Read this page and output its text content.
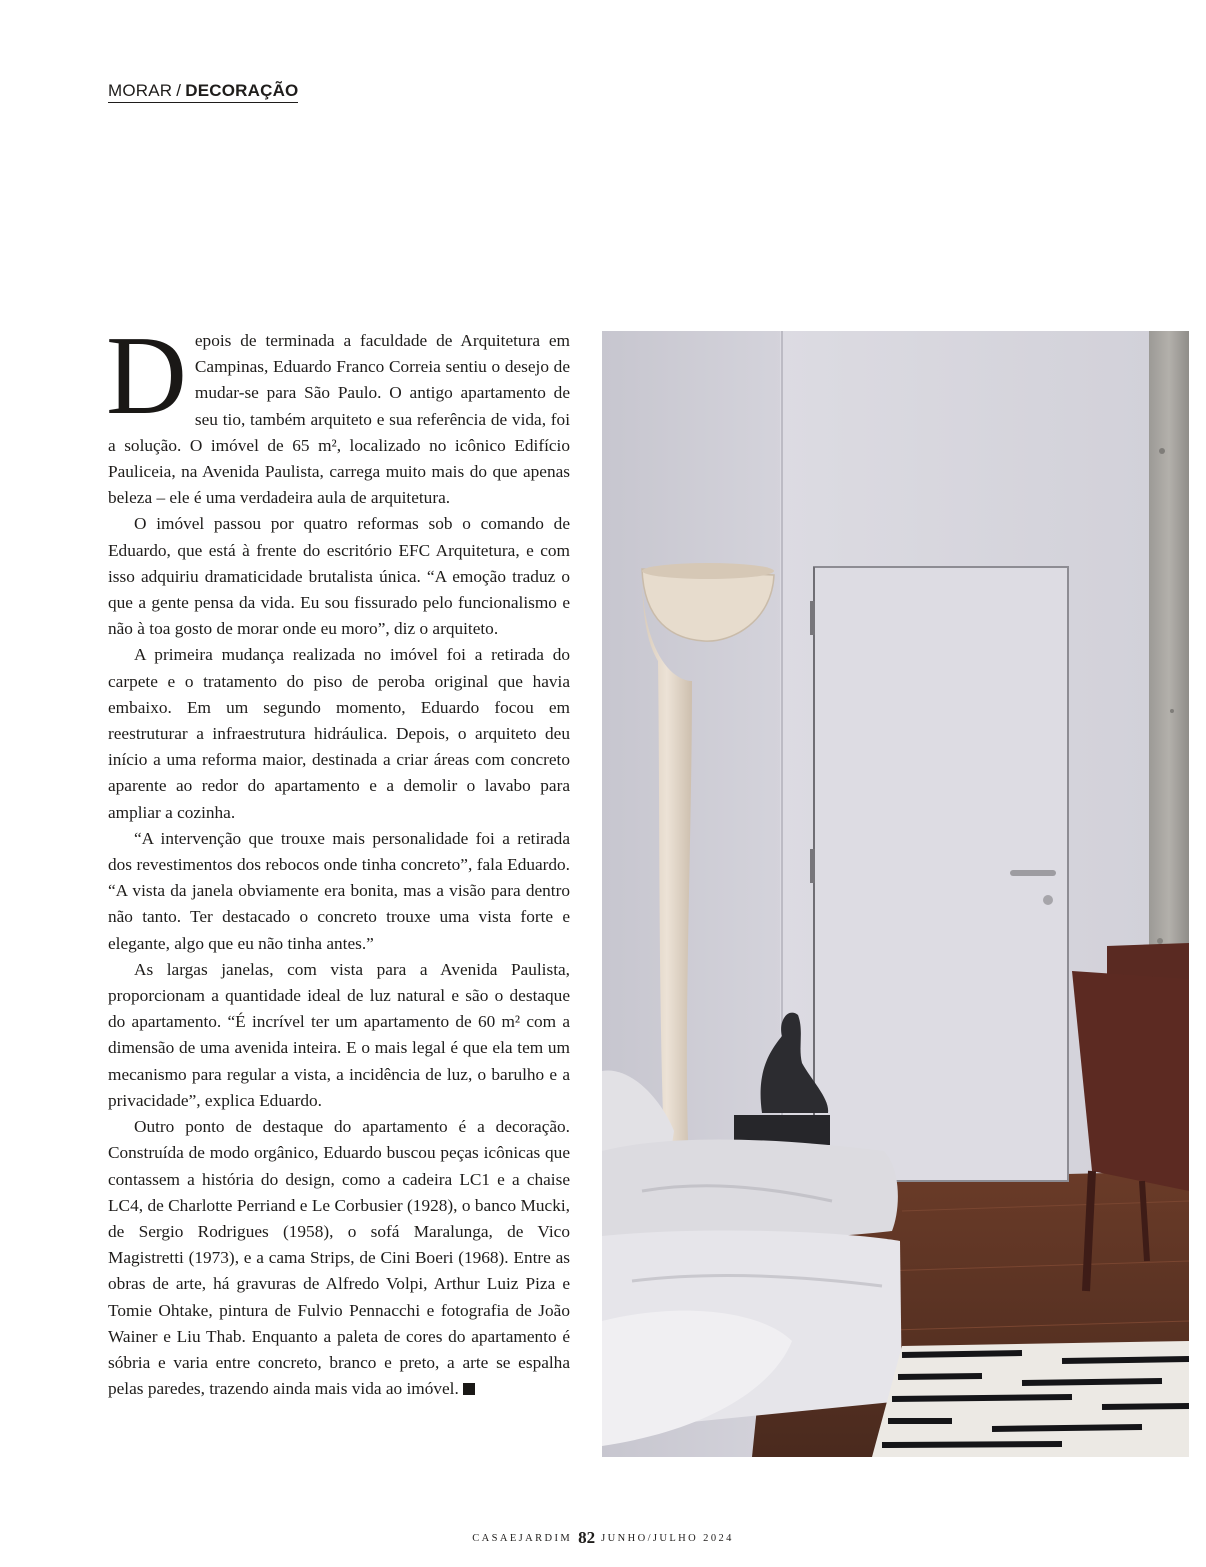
MORAR / DECORAÇÃO

Depois de terminada a faculdade de Arquitetura em Campinas, Eduardo Franco Correia sentiu o desejo de mudar-se para São Paulo. O antigo apartamento de seu tio, também arquiteto e sua referência de vida, foi a solução. O imóvel de 65 m², localizado no icônico Edifício Pauliceia, na Avenida Paulista, carrega muito mais do que apenas beleza – ele é uma verdadeira aula de arquitetura.

O imóvel passou por quatro reformas sob o comando de Eduardo, que está à frente do escritório EFC Arquitetura, e com isso adquiriu dramaticidade brutalista única. “A emoção traduz o que a gente pensa da vida. Eu sou fissurado pelo funcionalismo e não à toa gosto de morar onde eu moro”, diz o arquiteto.

A primeira mudança realizada no imóvel foi a retirada do carpete e o tratamento do piso de peroba original que havia embaixo. Em um segundo momento, Eduardo focou em reestruturar a infraestrutura hidráulica. Depois, o arquiteto deu início a uma reforma maior, destinada a criar áreas com concreto aparente ao redor do apartamento e a demolir o lavabo para ampliar a cozinha.

“A intervenção que trouxe mais personalidade foi a retirada dos revestimentos dos rebocos onde tinha concreto”, fala Eduardo. “A vista da janela obviamente era bonita, mas a visão para dentro não tanto. Ter destacado o concreto trouxe uma vista forte e elegante, algo que eu não tinha antes.”

As largas janelas, com vista para a Avenida Paulista, proporcionam a quantidade ideal de luz natural e são o destaque do apartamento. “É incrível ter um apartamento de 60 m² com a dimensão de uma avenida inteira. E o mais legal é que ela tem um mecanismo para regular a vista, a incidência de luz, o barulho e a privacidade”, explica Eduardo.

Outro ponto de destaque do apartamento é a decoração. Construída de modo orgânico, Eduardo buscou peças icônicas que contassem a história do design, como a cadeira LC1 e a chaise LC4, de Charlotte Perriand e Le Corbusier (1928), o banco Mucki, de Sergio Rodrigues (1958), o sofá Maralunga, de Vico Magistretti (1973), e a cama Strips, de Cini Boeri (1968). Entre as obras de arte, há gravuras de Alfredo Volpi, Arthur Luiz Piza e Tomie Ohtake, pintura de Fulvio Pennacchi e fotografia de João Wainer e Liu Thab. Enquanto a paleta de cores do apartamento é sóbria e varia entre concreto, branco e preto, a arte se espalha pelas paredes, trazendo ainda mais vida ao imóvel.

CASAEJARDIM 82 JUNHO/JULHO 2024
